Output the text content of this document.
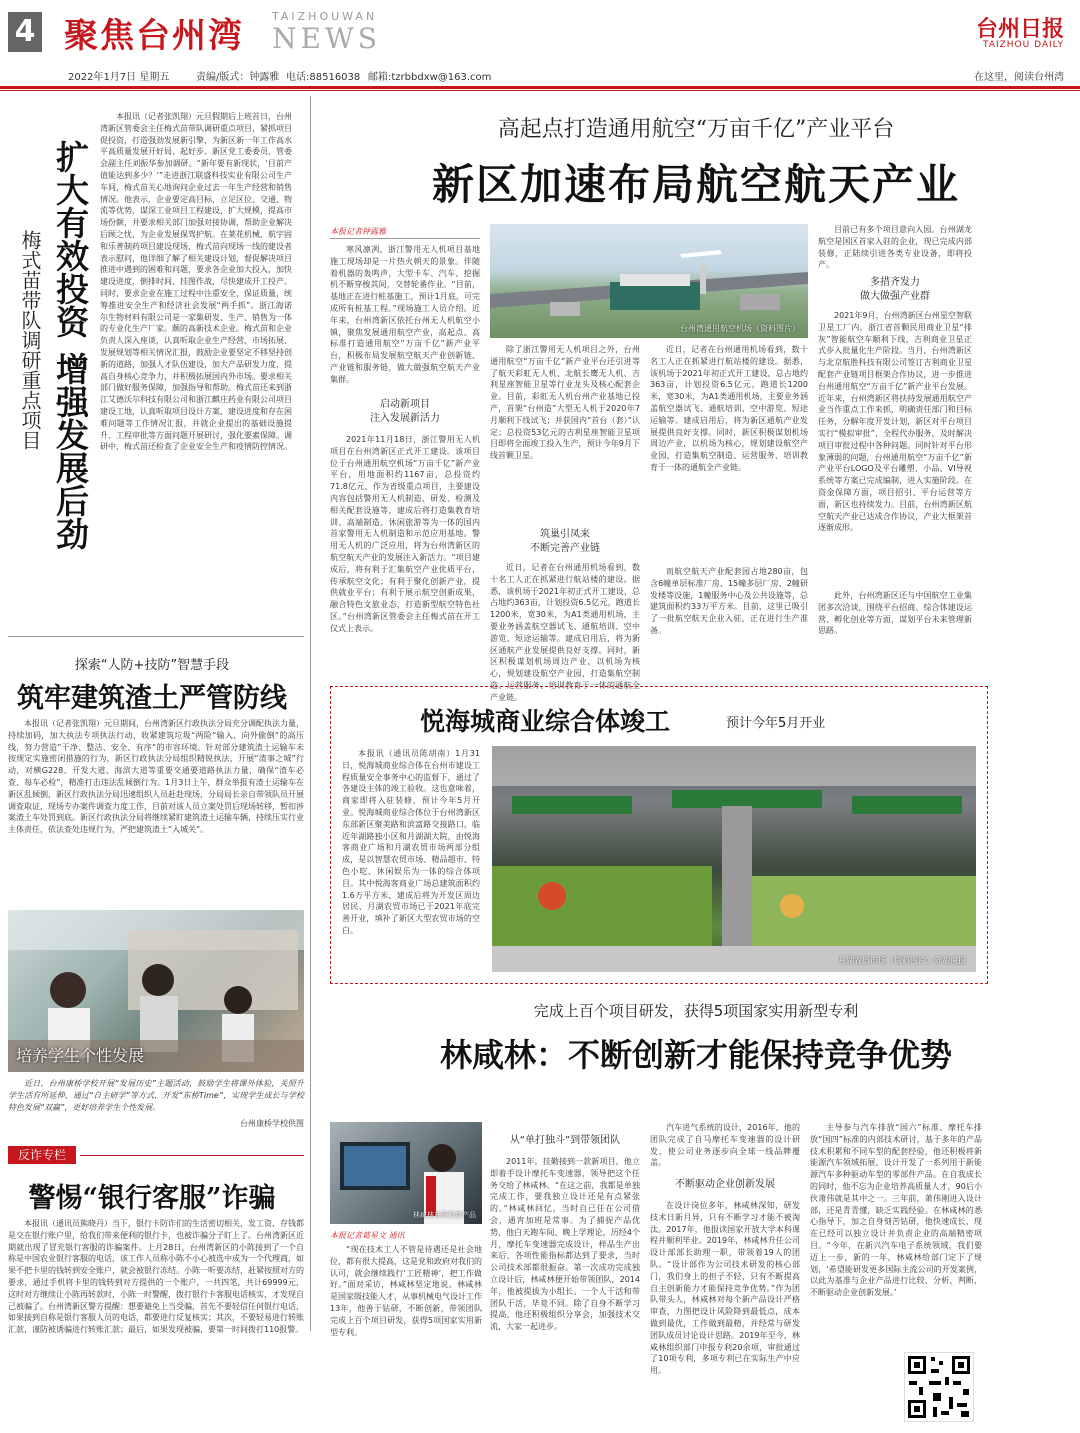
4 聚焦台州湾	TAIZHOUWAN
NEWS	台州日报
TAIZHOU DAILY
2022年1月7日 星期五	责编/版式：钟露雅 电话:88516038 邮箱:tzrbbdxw@163.com	在这里，阅读台州湾
扩大有效投资
增强发展后劲
梅式苗带队调研重点项目

本报讯（记者张凯翔）元旦假期后上班首日，台州湾新区管委会主任梅式苗带队调研重点项目，紧抓项目促投资，打造强劲发展新引擎，为新区新一年工作高水平高质量发展开好局、起好步。新区党工委委员、管委会副主任刘振华参加调研。“新年要有新现状，‘目前产值能达到多少？’”走进浙江联盛科技实业有限公司生产车间，梅式苗关心地询问企业过去一年生产经营和销售情况。他表示，企业要定高目标，立足区位、交通、物流等优势，谋深工业项目工程建设，扩大规模，提高市场份额，并要求相关部门加强对接协调，帮助企业解决后顾之忧，为企业发展保驾护航。在莱花机械、航宇固和乐普制药项目建设现场，梅式苗向现场一线的建设者表示慰问，他详细了解了相关建设计划，督促解决项目推进中遇到的困难和问题，要求各企业加大投入，加快建设进度，倒排时间、挂图作战，尽快建成开工投产。同时，要求企业在施工过程中注重安全，保证质量，统筹推进安全生产和经济社会发展“两手抓”。浙江海诺尔生物材料有限公司是一家集研发、生产、销售为一体的专业化生产厂家。颇的高新技术企业。梅式苗和企业负责人深入座谈，认真听取企业生产经营、市场拓展、发展规划等相关情况汇报，鼓励企业要坚定不移坚持创新的道路，加强人才队伍建设，加大产品研发力度，提高自身核心竞争力，并积极拓展国内外市场。要求相关部门做好服务保障，加强指导和帮助。梅式苗还来到浙江艾德沃尔科技有限公司和浙江麒庄药业有限公司项目建设工地，认真听取项目设计方案、建设进度和存在困难问题等工作情况汇报，并就企业提出的基础设施提升、工程审批等方面问题开展研讨，强化要素保障。调研中，梅式苗还检查了企业安全生产和疫情防控情况。

探索“人防+技防”智慧手段
筑牢建筑渣土严管防线

本报讯（记者张凯翔）元旦期间，台州湾新区行政执法分局充分调配执法力量，持续加码，加大执法专项执法行动，收紧建筑垃圾“两险”输入、向外偷倒“的高压线，努力营造”干净、整洁、安全、有序“的市容环境。针对部分建筑渣土运输车未按规定实施密闭措施的行为，新区行政执法分局组织精锐执法，开展“渣事之城”行动，对横G228、开发大道、海滨大道等重要交通要道路执法力量，确保“渣车必查、每车必检”，精准打击违法乱倾倒行为。1月3日上午，群众举报有渣土运输车在新区乱倾倒，新区行政执法分局迅速组织人员赶赴现场，分局局长亲自带领队员开展调查取证，现场专办案件调查力度工作，目前对该人员立案处罚后现场转移，暂扣涉案渣土车处罚到底。新区行政执法分局将继续紧盯建筑渣土运输车辆，持续压实行业主体责任，依法查处违规行为，严把建筑渣土“入城关”。

培养学生个性发展

近日，台州康桥学校开展“发展历史”主题活动，鼓励学生将课外体验，关照升学生活有所延伸，通过“自主研学”等方式，开发“东桥Time”，实现学生成长与学校特色发展“双赢”，更好培养学生个性发展。

台州康桥学校供图
反诈专栏
警惕“银行客服”诈骗

本报讯（通讯员熊晓丹）当下，银行卡防诈们的生活密切相关，发工资、存钱都是交在银行账户里，给我们带来便利的银行卡，也被诈骗分子盯上了。台州湾新区近期就出现了冒充银行客服的诈骗案件。上月28日，台州湾新区的小陈接到了一个自称是中国农业银行客服的电话，该工作人员称小陈不小心被选中成为一个代理商，如果不把卡里的钱转到安全账户，就会被银行冻结。小陈一听要冻结，赶紧按照对方的要求，通过手机将卡里的钱转到对方提供的一个账户，一共四笔，共计69999元，这时对方继续让小陈再转款时，小陈一时警醒，拨打银行卡客服电话核实，才发现自己被骗了。台州湾新区警方提醒：想要避免上当受骗，首先不要轻信任何银行电话，如果接到自称是银行客服人员的电话，都要进行反复核实；其次，不要轻易进行转账汇款，谨防被诱骗进行转账汇款；最后，如果发现被骗，要第一时间拨打110报警。

高起点打造通用航空“万亩千亿”产业平台
新区加速布局航空航天产业
本报记者钟露雅

寒风凛冽，浙江警用无人机项目基地施工现场却是一片热火朝天的景象。伴随着机器的轰鸣声，大型卡车、汽车、挖掘机不断穿梭其间，交替轮番作业。“目前，基地正在进行桩基施工，预计1月底，可完成所有桩基工程。”现场施工人员介绍。近年来，台州湾新区依托台州无人机航空小镇，聚焦发展通用航空产业，高起点、高标准打造通用航空“万亩千亿”新产业平台，积极布局发展航空航天产业创新链、产业链和服务链，做大做强航空航天产业集群。

台州湾通用航空机场（资料图片）
启动新项目
注入发展新活力

2021年11月18日，浙江警用无人机项目在台州湾新区正式开工建设。该项目位于台州通用航空机场“万亩千亿”新产业平台，用地面积约1167亩，总投资约71.8亿元，作为省级重点项目，主要建设内容包括警用无人机制造、研发、检测及相关配套设施等，建成后将打造集教育培训、高端制造、休闲旅游等为一体的国内首家警用无人机制造和示范应用基地。警用无人机的广泛应用，将为台州湾新区的航空航天产业的发展注入新活力。“项目建成后，将有利于汇集航空产业优质平台，传承航空文化；有利于聚化创新产业，提供就业平台；有利于展示航空创新成果，融合特色文旅业态，打造新型航空特色社区。”台州湾新区管委会主任梅式苗在开工仪式上表示。

除了浙江警用无人机项目之外，台州通用航空“万亩千亿”新产业平台还引进等了航天彩虹无人机、北航长鹰无人机、吉利星座智能卫星等行业龙头及核心配套企业。目前，彩虹无人机台州产业基地已投产，首架“台州造”大型无人机于2020年7月顺利下线试飞；并获国内“首台（套）”认定；总投资53亿元的吉利星座智能卫星项目即将全面竣工投入生产，预计今年9月下线首颗卫星。

筑巢引凤来
不断完善产业链

近日，记者在台州通用机场看到，数十名工人正在抓紧进行航站楼的建设。据悉，该机场于2021年初正式开工建设，总占地约363亩，计划投资6.5亿元，跑道长1200米，宽30米，为A1类通用机场，主要业务涵盖航空器试飞、通航培训、空中游览、短途运输等。建成启用后，将为新区通航产业发展提供良好支撑。同时，新区积极谋划机场周边产业，以机场为核心，规划建设航空产业园，打造集航空制造、运营服务、培训教育于一体的通航全产业链。

近日，记者在台州通用机场看到，数十名工人正在抓紧进行航站楼的建设。据悉，该机场于2021年初正式开工建设，总占地约363亩，计划投资6.5亿元，跑道长1200米，宽30米，为A1类通用机场，主要业务涵盖航空器试飞、通航培训、空中游览、短途运输等。建成启用后，将为新区通航产业发展提供良好支撑。同时，新区积极谋划机场周边产业，以机场为核心，规划建设航空产业园，打造集航空制造、运营服务、培训教育于一体的通航全产业链。

而航空航天产业配套园占地280亩，包含6幢单层标准厂房、15幢多层厂房、2幢研发楼等设施，1幢服务中心及公共设施等，总建筑面积约33万平方米。目前，这里已吸引了一批航空航天企业入驻，正在进行生产准备。

目前已有多个项目意向入园。台州湖龙航空是国区首家入驻的企业，现已完成内部装修，正陆续引进各类专业设备，即将投产。

多措齐发力
做大做强产业群

2021年9月，台州湾新区台州星空智联卫星工厂内，浙江省首颗民用商业卫星“排灰”智能航空车顺利下线，吉利商业卫星正式步入批量化生产阶段。当月，台州湾新区与北京航胜科技有限公司签订吉利商业卫星配套产业链项目框架合作协议，进一步推进台州通用航空“万亩千亿”新产业平台发展。近年来，台州湾新区将扶持发展通用航空产业当作重点工作来抓，明确责任部门和目标任务，分解年度开发计划，新区对平台项目实行“模拟审批”，全程代办服务，及时解决项目审批过程中各种问题。同时针对平台形象薄弱的问题，台州通用航空“万亩千亿”新产业平台LOGO及平台雕塑、小品、VI导视系统等方案已完成编制，进入实施阶段。在资金保障方面，项目招引、平台运营等方面，新区也持续发力。目前，台州湾新区航空航天产业已达成合作协议，产业大框架首逐渐成形。

此外，台州湾新区还与中国航空工业集团多次洽谈，围绕平台招商、综合体建设运营、孵化创业等方面，谋划平台未来管理新思路。

悦海城商业综合体竣工	预计今年5月开业

本报讯（通讯员陈胡南）1月31日，悦海城商业综合体在台州市建设工程质量安全事务中心的监督下，通过了各建设主体的竣工验收。这也意味着，商家即将入驻装修，预计今年5月开业。悦海城商业综合体位于台州湾新区东部新区聚美路和滨富路交接路口，临近年湖路独小区和月湖湖大院，由悦海客商业广场和月湖农贸市场两部分组成，是以智慧农贸市场、精品超市、特色小吃、休闲娱乐为一体的综合体项目。其中悦海客商业广场总建筑面积约1.6万平方米，建成后将为开发区周边居民、月湖农贸市场已于2021年底完善开业，填补了新区大型农贸市场的空白。

月湖农贸市场（资料图片）陈胡南摄
完成上百个项目研发，获得5项国家实用新型专利
林咸林：不断创新才能保持竞争优势
林咸林在研发新产品
本报记者葛星文 通讯

“现在技术工人不管是待遇还是社会地位，都有很大提高，这是党和政府对我们的认可，就会继续践行‘工匠精神’，把工作做好。”面对采访，林咸林坚定地说。林咸林是国家级技能人才，从事机械电气设计工作13年，他善于钻研，不断创新，带领团队完成上百个项目研发，获得5项国家实用新型专利。

从“单打独斗”到带领团队

2011年，挂勤接到一款新项目，他立即着手设计摩托车变速器，领导把这个任务交给了林咸林。“在这之前，我都是单独完成工作，要我独立设计还是有点紧张的。”林咸林回忆，当时自己任在公司借会，通宵加班是常事。为了捕捉产品优势，他白天跑车间、晚上学理论，历经4个月，摩托车变速器完成设计，样品生产出来后，各项性能指标都达到了要求，当时公司技术部都很振奋。第一次成功完成独立设计后，林咸林便开始带领团队，2014年，他被提拔为小组长。一个人干活和带团队干活，毕竟不同。除了自身不断学习提高，他还积极组织分享会，加强技术交流，大家一起进步。

汽车进气系统的设计，2016年，他的团队完成了自马摩托车变速器的设计研发，使公司业务逐步向全球一线品牌覆盖。

不断驱动企业创新发展

在设计岗位多年，林咸林深知，研发技术日新月异，只有不断学习才能不被淘汰。2017年，他报读国家开放大学本科课程并顺利毕业。2019年，林咸林升任公司设计部部长助理一职，带领着19人的团队。“设计部作为公司技术研发的核心部门，我们身上的担子不轻，只有不断提高自主创新能力才能保持竞争优势。”作为团队带头人，林咸林对每个新产品设计严格审查，力图把设计风险降到最低点，成本做到最优，工作做到最精，并经常与研发团队成员讨论设计思路。2019年至今，林咸林组织部门申报专利20余项，审批通过了10项专利，多项专利已在实际生产中应用。

主导参与汽车排放“国六”标准、摩托车排放“国四”标准的内部技术研讨，基于多年的产品技术积累和不同车型的配套经验，他还积极将新能源汽车领域拓展，设计开发了一系列用于新能源汽车多种驱动车型的零部件产品。在自我成长的同时，他不忘为企业培养高质量人才，90后小伙萧伟就是其中之一。三年前，萧伟刚进入设计部，还是青青懂，缺乏实践经验。在林咸林的悉心指导下，加之自身刻苦钻研，他快速成长，现在已经可以独立设计并负责企业的高端精密项目。“今年，在新兴汽车电子系统领域，我们要迈上一步，新的一年，林咸林给部门定下了规划，‘希望能研发更多国际主流公司的开发案例，以此为基准与企业产品进行比较、分析、判断，不断驱动企业创新发展。’
